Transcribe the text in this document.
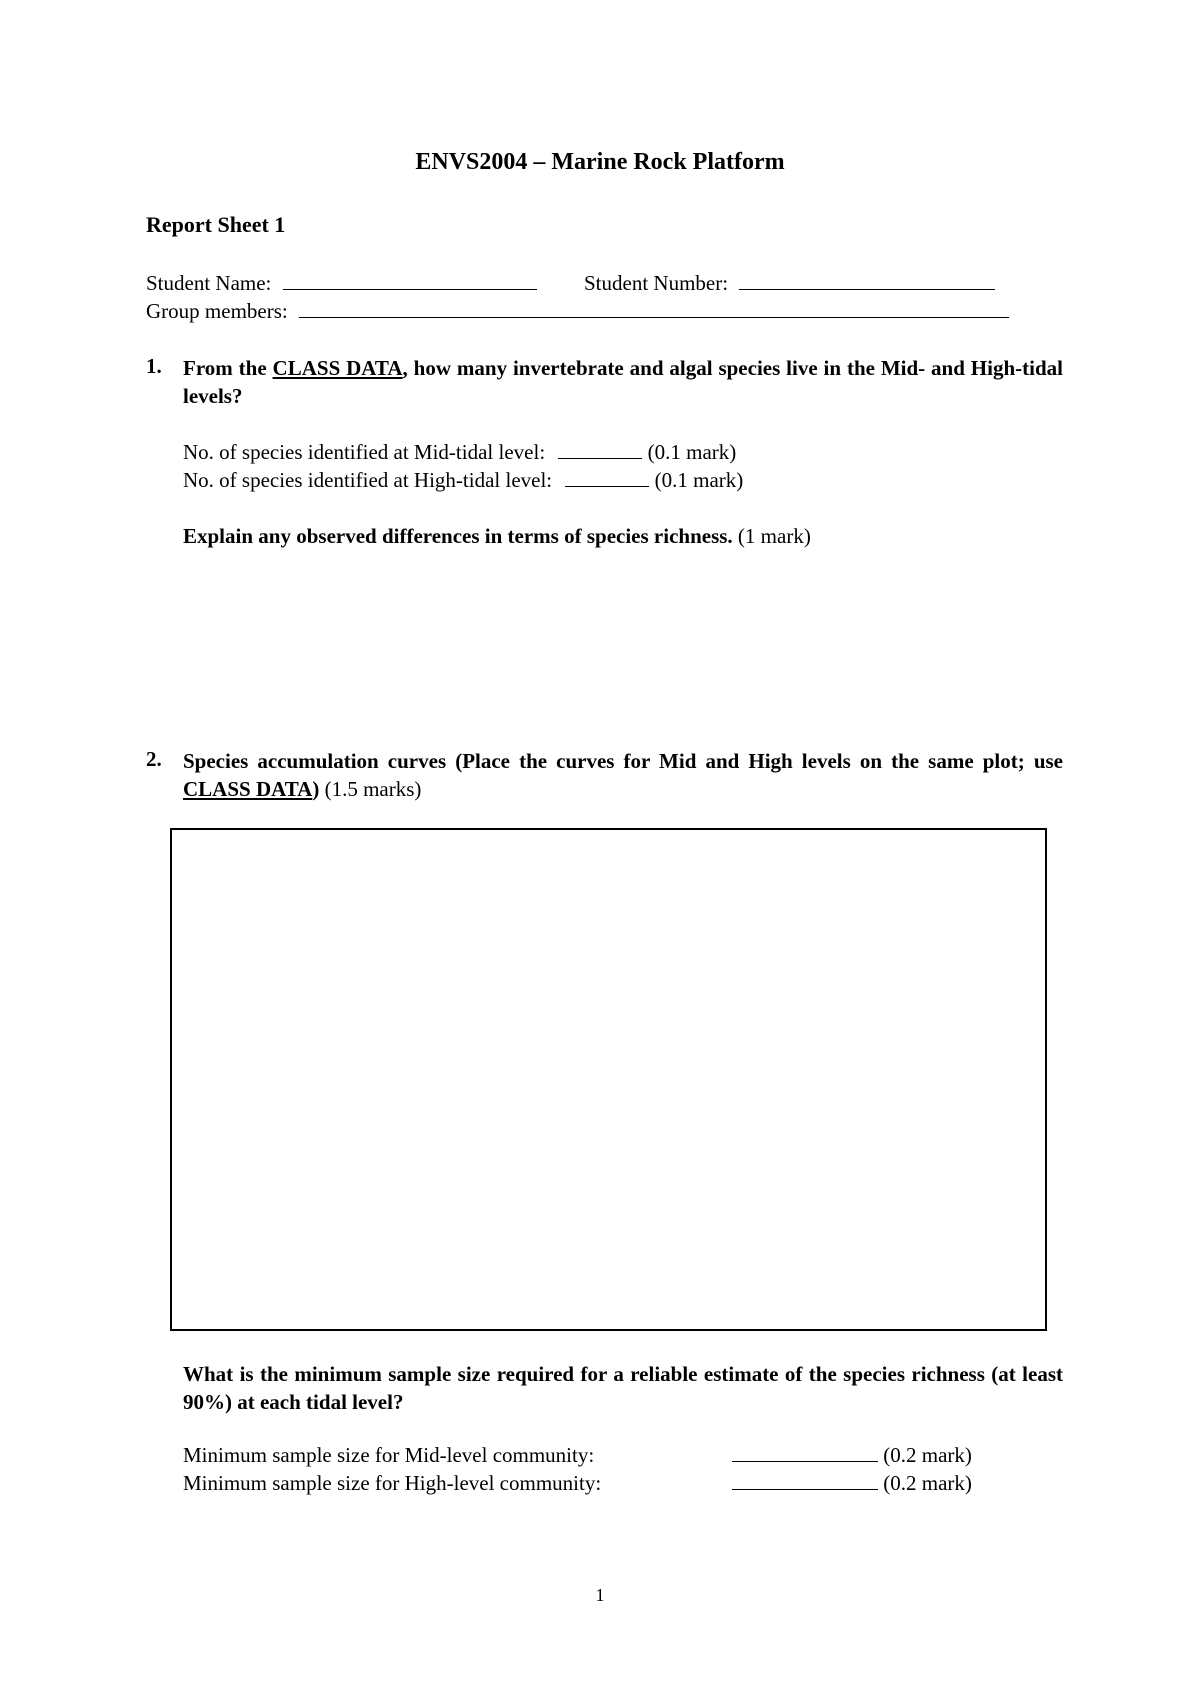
ENVS2004 – Marine Rock Platform
Report Sheet 1
Student Name:	Student Number:
Group members:
1. From the CLASS DATA, how many invertebrate and algal species live in the Mid- and High-tidal levels?
No. of species identified at Mid-tidal level:	(0.1 mark)
No. of species identified at High-tidal level:	(0.1 mark)
Explain any observed differences in terms of species richness. (1 mark)
2. Species accumulation curves (Place the curves for Mid and High levels on the same plot; use CLASS DATA) (1.5 marks)
What is the minimum sample size required for a reliable estimate of the species richness (at least 90%) at each tidal level?
Minimum sample size for Mid-level community:	(0.2 mark)
Minimum sample size for High-level community:	(0.2 mark)
1
